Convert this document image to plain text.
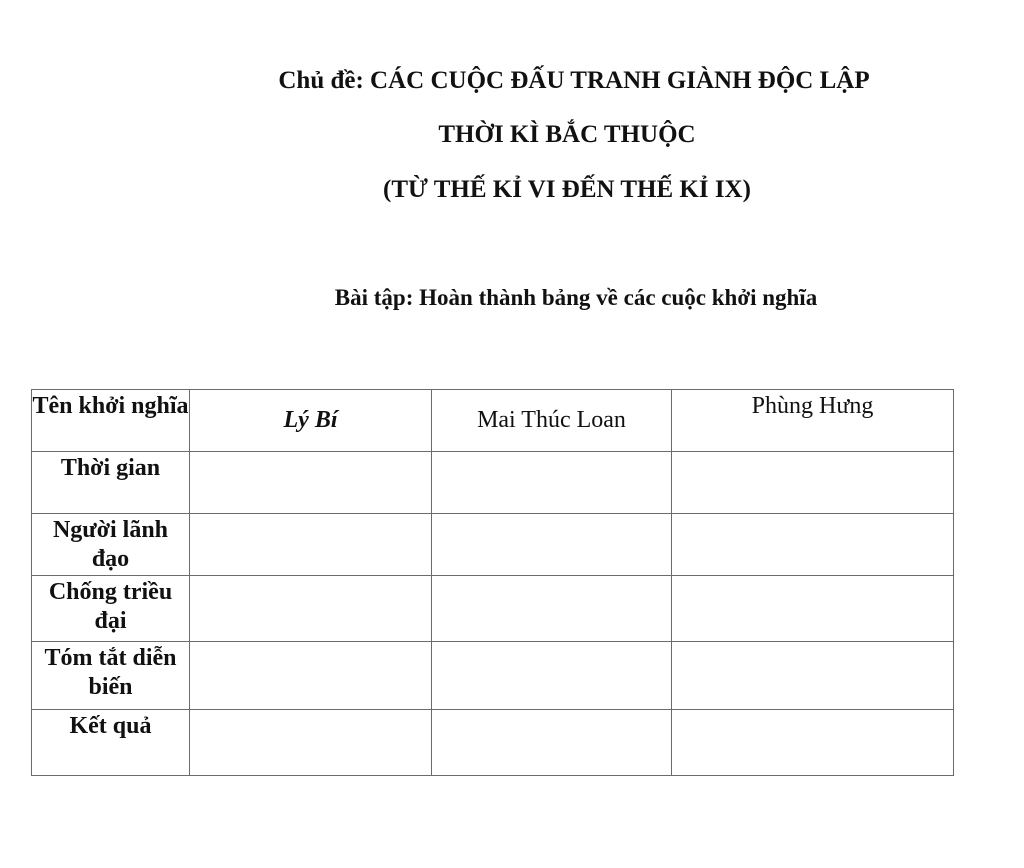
Chủ đề: CÁC CUỘC ĐẤU TRANH GIÀNH ĐỘC LẬP
THỜI KÌ BẮC THUỘC
(TỪ THẾ KỈ VI ĐẾN THẾ KỈ IX)
Bài tập: Hoàn thành bảng về các cuộc khởi nghĩa
Tên khởi nghĩa	Lý Bí	Mai Thúc Loan	Phùng Hưng
Thời gian			
Người lãnh đạo			
Chống triều đại			
Tóm tắt diễn biến			
Kết quả			
